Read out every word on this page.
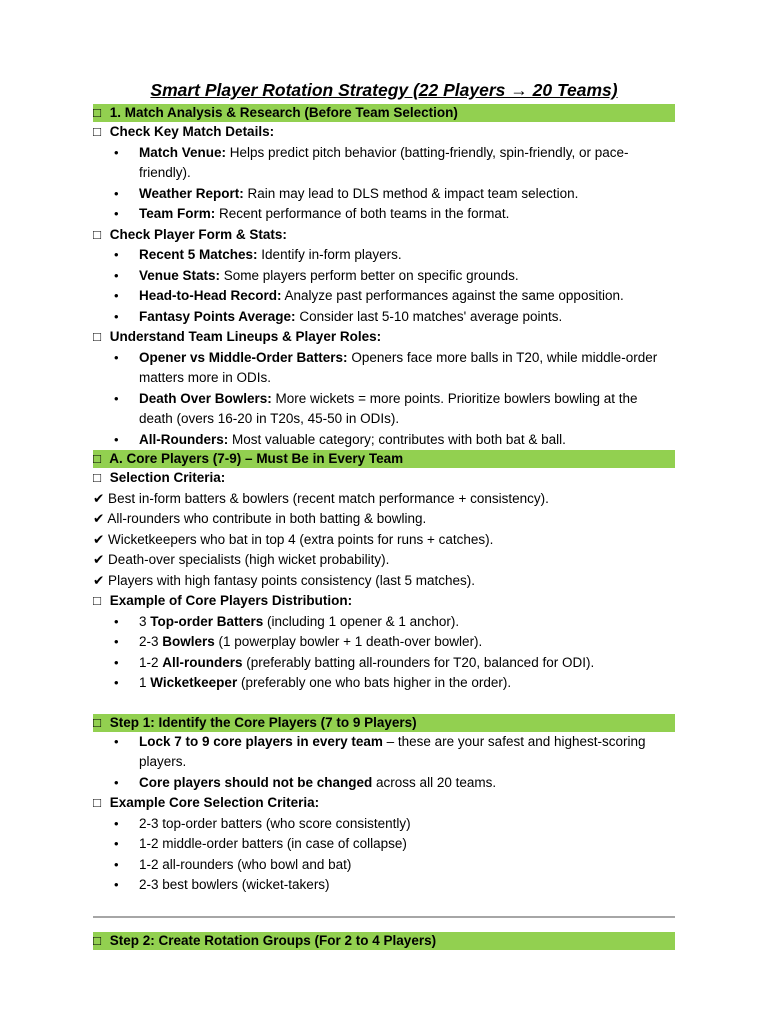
Smart Player Rotation Strategy (22 Players → 20 Teams)
□ 1. Match Analysis & Research (Before Team Selection)
□ Check Key Match Details:
• Match Venue: Helps predict pitch behavior (batting-friendly, spin-friendly, or pace-friendly).
• Weather Report: Rain may lead to DLS method & impact team selection.
• Team Form: Recent performance of both teams in the format.
□ Check Player Form & Stats:
• Recent 5 Matches: Identify in-form players.
• Venue Stats: Some players perform better on specific grounds.
• Head-to-Head Record: Analyze past performances against the same opposition.
• Fantasy Points Average: Consider last 5-10 matches' average points.
□ Understand Team Lineups & Player Roles:
• Opener vs Middle-Order Batters: Openers face more balls in T20, while middle-order matters more in ODIs.
• Death Over Bowlers: More wickets = more points. Prioritize bowlers bowling at the death (overs 16-20 in T20s, 45-50 in ODIs).
• All-Rounders: Most valuable category; contributes with both bat & ball.
□ A. Core Players (7-9) – Must Be in Every Team
□ Selection Criteria:
✔ Best in-form batters & bowlers (recent match performance + consistency).
✔ All-rounders who contribute in both batting & bowling.
✔ Wicketkeepers who bat in top 4 (extra points for runs + catches).
✔ Death-over specialists (high wicket probability).
✔ Players with high fantasy points consistency (last 5 matches).
□ Example of Core Players Distribution:
• 3 Top-order Batters (including 1 opener & 1 anchor).
• 2-3 Bowlers (1 powerplay bowler + 1 death-over bowler).
• 1-2 All-rounders (preferably batting all-rounders for T20, balanced for ODI).
• 1 Wicketkeeper (preferably one who bats higher in the order).
□ Step 1: Identify the Core Players (7 to 9 Players)
• Lock 7 to 9 core players in every team – these are your safest and highest-scoring players.
• Core players should not be changed across all 20 teams.
□ Example Core Selection Criteria:
• 2-3 top-order batters (who score consistently)
• 1-2 middle-order batters (in case of collapse)
• 1-2 all-rounders (who bowl and bat)
• 2-3 best bowlers (wicket-takers)
□ Step 2: Create Rotation Groups (For 2 to 4 Players)
